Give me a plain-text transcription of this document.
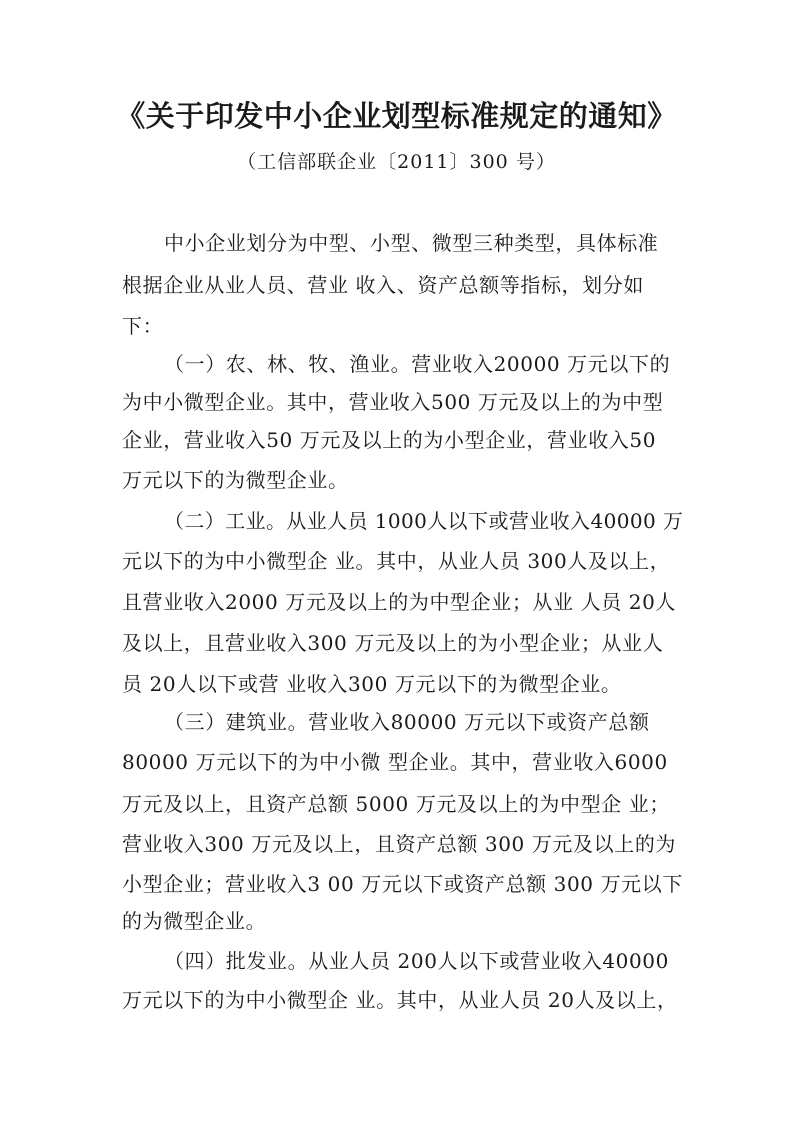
《关于印发中小企业划型标准规定的通知》
（工信部联企业〔2011〕300 号）
中小企业划分为中型、小型、微型三种类型，具体标准
根据企业从业人员、营业 收入、资产总额等指标，划分如
下：
（一）农、林、牧、渔业。营业收入20000 万元以下的
为中小微型企业。其中，营业收入500 万元及以上的为中型
企业，营业收入50 万元及以上的为小型企业，营业收入50
万元以下的为微型企业。
（二）工业。从业人员 1000人以下或营业收入40000 万
元以下的为中小微型企 业。其中，从业人员 300人及以上，
且营业收入2000 万元及以上的为中型企业；从业 人员 20人
及以上，且营业收入300 万元及以上的为小型企业；从业人
员 20人以下或营 业收入300 万元以下的为微型企业。
（三）建筑业。营业收入80000 万元以下或资产总额
80000 万元以下的为中小微 型企业。其中，营业收入6000
万元及以上，且资产总额 5000 万元及以上的为中型企 业；
营业收入300 万元及以上，且资产总额 300 万元及以上的为
小型企业；营业收入3 00 万元以下或资产总额 300 万元以下
的为微型企业。
（四）批发业。从业人员 200人以下或营业收入40000
万元以下的为中小微型企 业。其中，从业人员 20人及以上，
